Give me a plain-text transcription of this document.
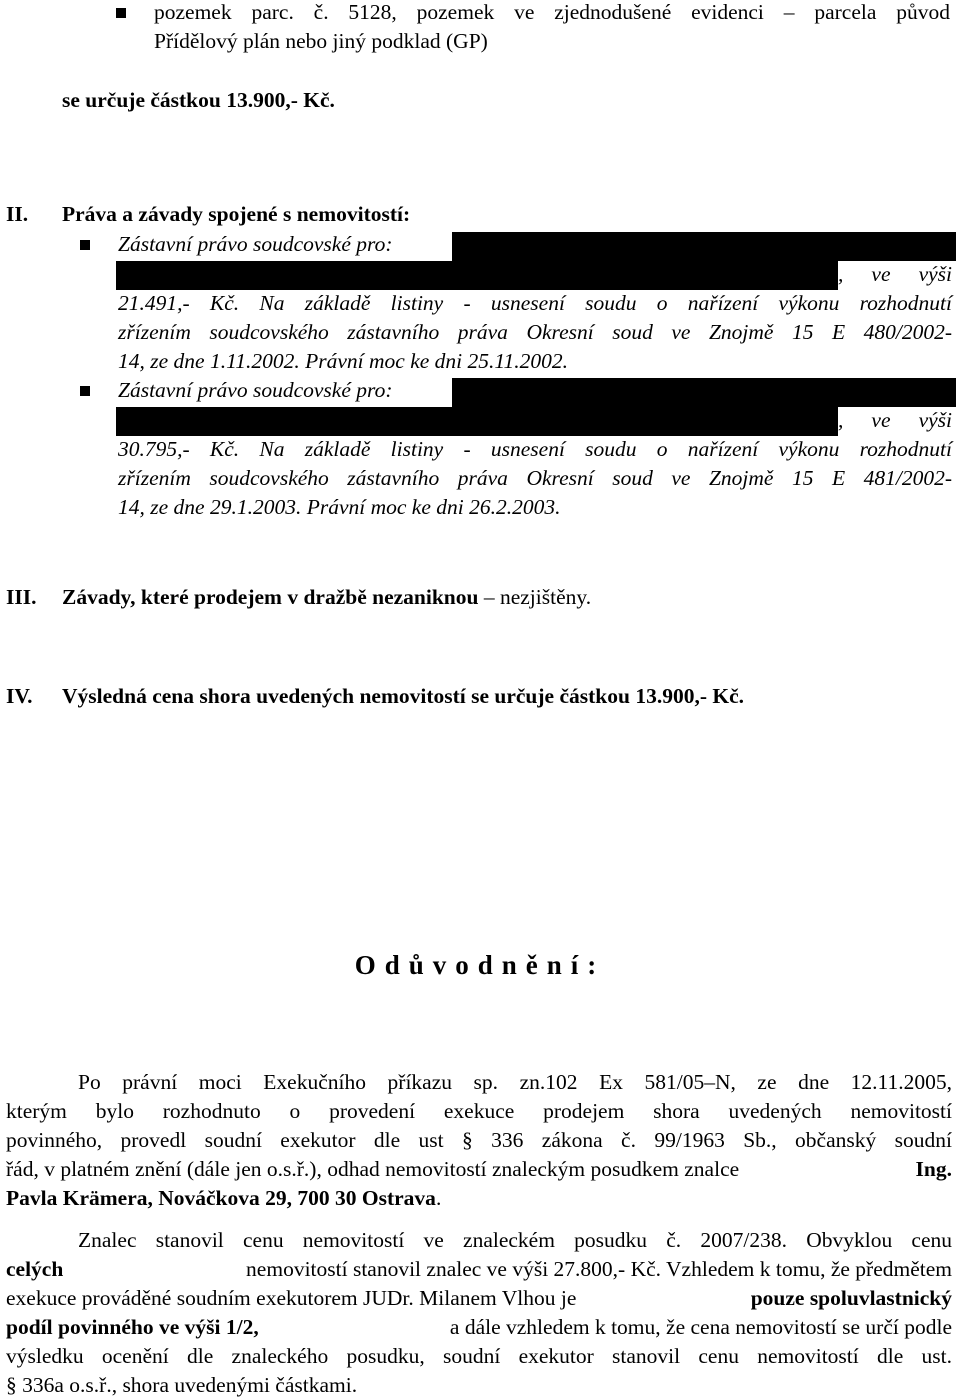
pozemek parc. č. 5128, pozemek ve zjednodušené evidenci – parcela původ
Přídělový plán nebo jiný podklad (GP)
se určuje částkou 13.900,- Kč.
II. Práva a závady spojené s nemovitostí:
Zástavní právo soudcovské pro:
, ve výši
21.491,- Kč. Na základě listiny - usnesení soudu o nařízení výkonu rozhodnutí
zřízením soudcovského zástavního práva Okresní soud ve Znojmě 15 E 480/2002-
14, ze dne 1.11.2002. Právní moc ke dni 25.11.2002.
Zástavní právo soudcovské pro:
, ve výši
30.795,- Kč. Na základě listiny - usnesení soudu o nařízení výkonu rozhodnutí
zřízením soudcovského zástavního práva Okresní soud ve Znojmě 15 E 481/2002-
14, ze dne 29.1.2003. Právní moc ke dni 26.2.2003.
III. Závady, které prodejem v dražbě nezaniknou – nezjištěny.
IV. Výsledná cena shora uvedených nemovitostí se určuje částkou 13.900,- Kč.
Odůvodnění:
Po právní moci Exekučního příkazu sp. zn.102 Ex 581/05–N, ze dne 12.11.2005,
kterým bylo rozhodnuto o provedení exekuce prodejem shora uvedených nemovitostí
povinného, provedl soudní exekutor dle ust § 336 zákona č. 99/1963 Sb., občanský soudní
řád, v platném znění (dále jen o.s.ř.), odhad nemovitostí znaleckým posudkem znalce	Ing.
Pavla Krämera, Nováčkova 29, 700 30 Ostrava.
Znalec stanovil cenu nemovitostí ve znaleckém posudku č. 2007/238. Obvyklou cenu
celých	nemovitostí stanovil znalec ve výši 27.800,- Kč. Vzhledem k tomu, že předmětem
exekuce prováděné soudním exekutorem JUDr. Milanem Vlhou je	pouze spoluvlastnický
podíl povinného ve výši 1/2,	a dále vzhledem k tomu, že cena nemovitostí se určí podle
výsledku ocenění dle znaleckého posudku, soudní exekutor stanovil cenu nemovitostí dle ust.
§ 336a o.s.ř., shora uvedenými částkami.
